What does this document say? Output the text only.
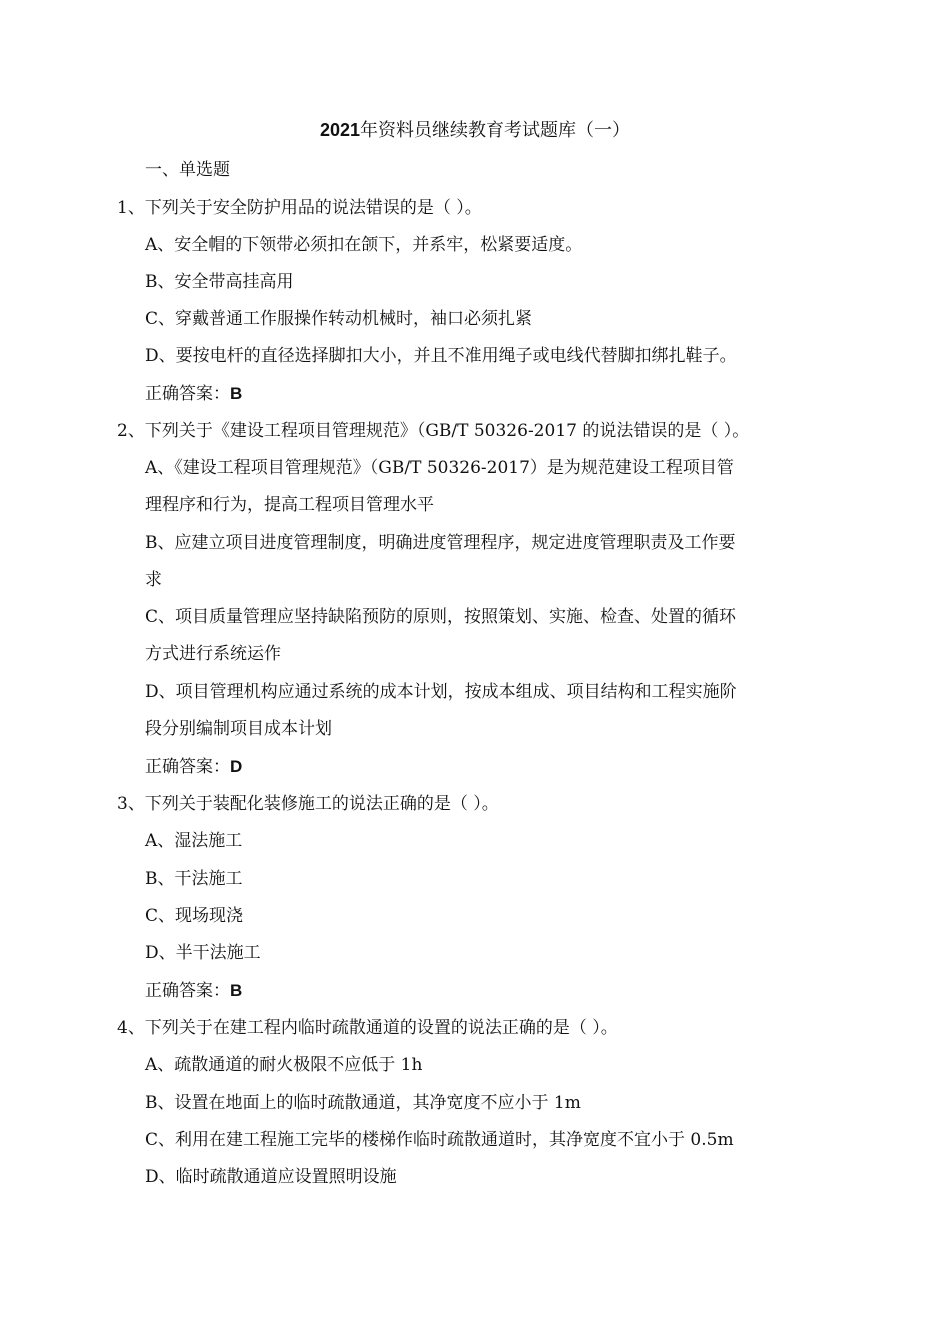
2021年资料员继续教育考试题库（一）
一、单选题
1、下列关于安全防护用品的说法错误的是（ ）。
A、安全帽的下领带必须扣在颌下，并系牢，松紧要适度。
B、安全带高挂高用
C、穿戴普通工作服操作转动机械时，袖口必须扎紧
D、要按电杆的直径选择脚扣大小，并且不准用绳子或电线代替脚扣绑扎鞋子。
正确答案：B
2、下列关于《建设工程项目管理规范》（GB/T 50326-2017 的说法错误的是（ ）。
A、《建设工程项目管理规范》（GB/T 50326-2017）是为规范建设工程项目管
理程序和行为，提高工程项目管理水平
B、应建立项目进度管理制度，明确进度管理程序，规定进度管理职责及工作要
求
C、项目质量管理应坚持缺陷预防的原则，按照策划、实施、检查、处置的循环
方式进行系统运作
D、项目管理机构应通过系统的成本计划，按成本组成、项目结构和工程实施阶
段分别编制项目成本计划
正确答案：D
3、下列关于装配化装修施工的说法正确的是（ ）。
A、湿法施工
B、干法施工
C、现场现浇
D、半干法施工
正确答案：B
4、下列关于在建工程内临时疏散通道的设置的说法正确的是（ ）。
A、疏散通道的耐火极限不应低于 1h
B、设置在地面上的临时疏散通道，其净宽度不应小于 1m
C、利用在建工程施工完毕的楼梯作临时疏散通道时，其净宽度不宜小于 0.5m
D、临时疏散通道应设置照明设施
